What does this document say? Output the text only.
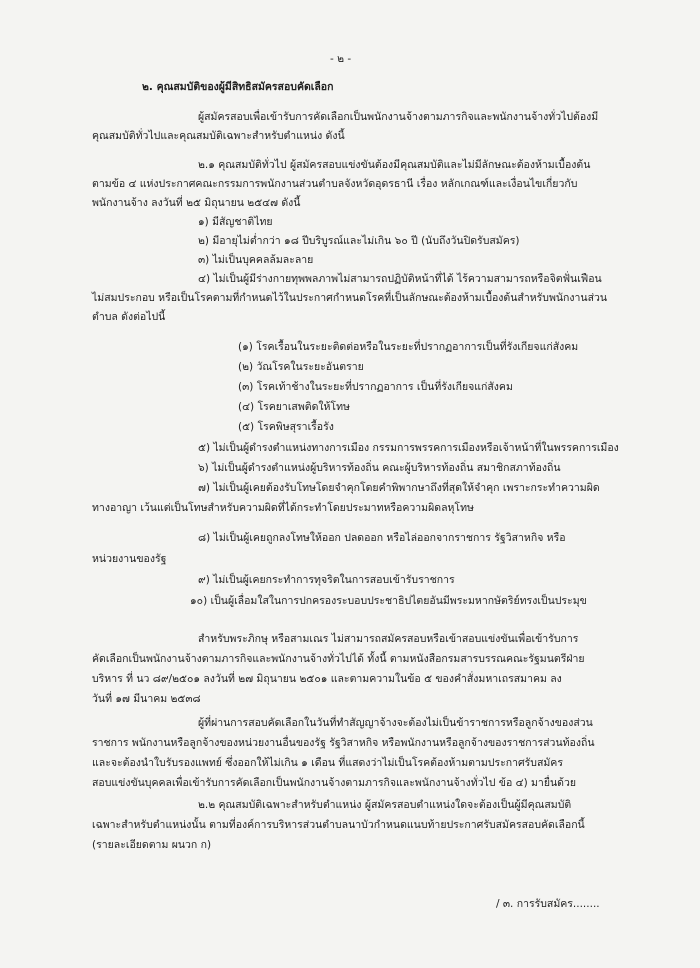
- ๒ -

๒. คุณสมบัติของผู้มีสิทธิสมัครสอบคัดเลือก

ผู้สมัครสอบเพื่อเข้ารับการคัดเลือกเป็นพนักงานจ้างตามภารกิจและพนักงานจ้างทั่วไปต้องมี

คุณสมบัติทั่วไปและคุณสมบัติเฉพาะสำหรับตำแหน่ง ดังนี้

๒.๑ คุณสมบัติทั่วไป ผู้สมัครสอบแข่งขันต้องมีคุณสมบัติและไม่มีลักษณะต้องห้ามเบื้องต้น

ตามข้อ ๔ แห่งประกาศคณะกรรมการพนักงานส่วนตำบลจังหวัดอุดรธานี เรื่อง หลักเกณฑ์และเงื่อนไขเกี่ยวกับ

พนักงานจ้าง ลงวันที่ ๒๕ มิถุนายน ๒๕๔๗ ดังนี้

๑) มีสัญชาติไทย

๒) มีอายุไม่ต่ำกว่า ๑๘ ปีบริบูรณ์และไม่เกิน ๖๐ ปี (นับถึงวันปิดรับสมัคร)

๓) ไม่เป็นบุคคลล้มละลาย

๔) ไม่เป็นผู้มีร่างกายทุพพลภาพไม่สามารถปฏิบัติหน้าที่ได้ ไร้ความสามารถหรือจิตฟั่นเฟือน

ไม่สมประกอบ หรือเป็นโรคตามที่กำหนดไว้ในประกาศกำหนดโรคที่เป็นลักษณะต้องห้ามเบื้องต้นสำหรับพนักงานส่วน

ตำบล ดังต่อไปนี้

(๑) โรคเรื้อนในระยะติดต่อหรือในระยะที่ปรากฏอาการเป็นที่รังเกียจแก่สังคม

(๒) วัณโรคในระยะอันตราย

(๓) โรคเท้าช้างในระยะที่ปรากฏอาการ เป็นที่รังเกียจแก่สังคม

(๔) โรคยาเสพติดให้โทษ

(๕) โรคพิษสุราเรื้อรัง

๕) ไม่เป็นผู้ดำรงตำแหน่งทางการเมือง กรรมการพรรคการเมืองหรือเจ้าหน้าที่ในพรรคการเมือง

๖) ไม่เป็นผู้ดำรงตำแหน่งผู้บริหารท้องถิ่น คณะผู้บริหารท้องถิ่น สมาชิกสภาท้องถิ่น

๗) ไม่เป็นผู้เคยต้องรับโทษโดยจำคุกโดยคำพิพากษาถึงที่สุดให้จำคุก เพราะกระทำความผิด

ทางอาญา เว้นแต่เป็นโทษสำหรับความผิดที่ได้กระทำโดยประมาทหรือความผิดลหุโทษ

๘) ไม่เป็นผู้เคยถูกลงโทษให้ออก ปลดออก หรือไล่ออกจากราชการ รัฐวิสาหกิจ หรือ

หน่วยงานของรัฐ

๙) ไม่เป็นผู้เคยกระทำการทุจริตในการสอบเข้ารับราชการ

๑๐) เป็นผู้เลื่อมใสในการปกครองระบอบประชาธิปไตยอันมีพระมหากษัตริย์ทรงเป็นประมุข

สำหรับพระภิกษุ หรือสามเณร ไม่สามารถสมัครสอบหรือเข้าสอบแข่งขันเพื่อเข้ารับการ

คัดเลือกเป็นพนักงานจ้างตามภารกิจและพนักงานจ้างทั่วไปได้ ทั้งนี้ ตามหนังสือกรมสารบรรณคณะรัฐมนตรีฝ่าย

บริหาร ที่ นว ๘๙/๒๕๐๑ ลงวันที่ ๒๗ มิถุนายน ๒๕๐๑ และตามความในข้อ ๕ ของคำสั่งมหาเถรสมาคม ลง

วันที่ ๑๗ มีนาคม ๒๕๓๘

ผู้ที่ผ่านการสอบคัดเลือกในวันที่ทำสัญญาจ้างจะต้องไม่เป็นข้าราชการหรือลูกจ้างของส่วน

ราชการ พนักงานหรือลูกจ้างของหน่วยงานอื่นของรัฐ รัฐวิสาหกิจ หรือพนักงานหรือลูกจ้างของราชการส่วนท้องถิ่น

และจะต้องนำใบรับรองแพทย์ ซึ่งออกให้ไม่เกิน ๑ เดือน ที่แสดงว่าไม่เป็นโรคต้องห้ามตามประกาศรับสมัคร

สอบแข่งขันบุคคลเพื่อเข้ารับการคัดเลือกเป็นพนักงานจ้างตามภารกิจและพนักงานจ้างทั่วไป ข้อ ๔) มายื่นด้วย

๒.๒ คุณสมบัติเฉพาะสำหรับตำแหน่ง ผู้สมัครสอบตำแหน่งใดจะต้องเป็นผู้มีคุณสมบัติ

เฉพาะสำหรับตำแหน่งนั้น ตามที่องค์การบริหารส่วนตำบลนาบัวกำหนดแนบท้ายประกาศรับสมัครสอบคัดเลือกนี้

(รายละเอียดตาม ผนวก ก)

/ ๓. การรับสมัคร........
